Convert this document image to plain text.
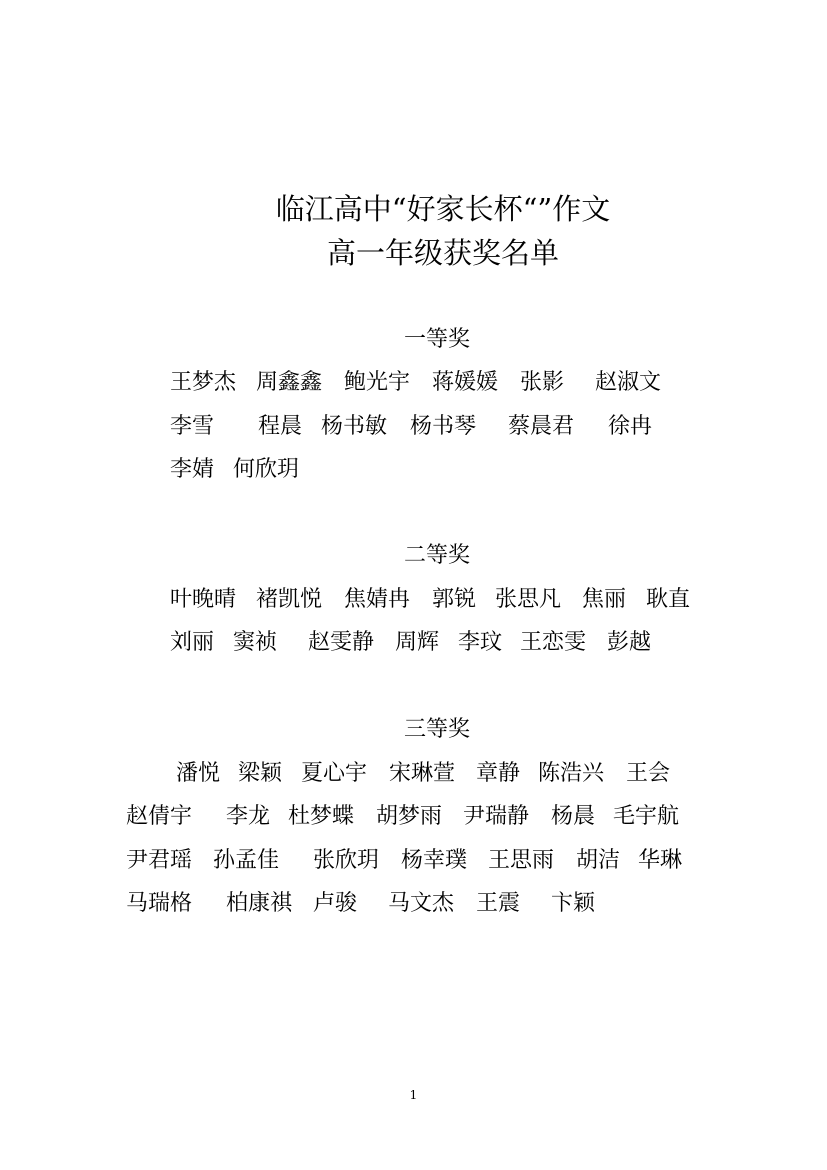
临江高中“好家长杯“”作文
高一年级获奖名单
一等奖
王梦杰 周鑫鑫 鲍光宇 蒋媛媛 张影 赵淑文
李雪 程晨 杨书敏 杨书琴 蔡晨君 徐冉
李婧 何欣玥
二等奖
叶晚晴 褚凯悦 焦婧冉 郭锐 张思凡 焦丽 耿直
刘丽 窦祯 赵雯静 周辉 李玟 王恋雯 彭越
三等奖
潘悦 梁颖 夏心宇 宋琳萱 章静 陈浩兴 王会
赵倩宇 李龙 杜梦蝶 胡梦雨 尹瑞静 杨晨 毛宇航
尹君瑶 孙孟佳 张欣玥 杨幸璞 王思雨 胡洁 华琳
马瑞格 柏康祺 卢骏 马文杰 王震 卞颖
1
